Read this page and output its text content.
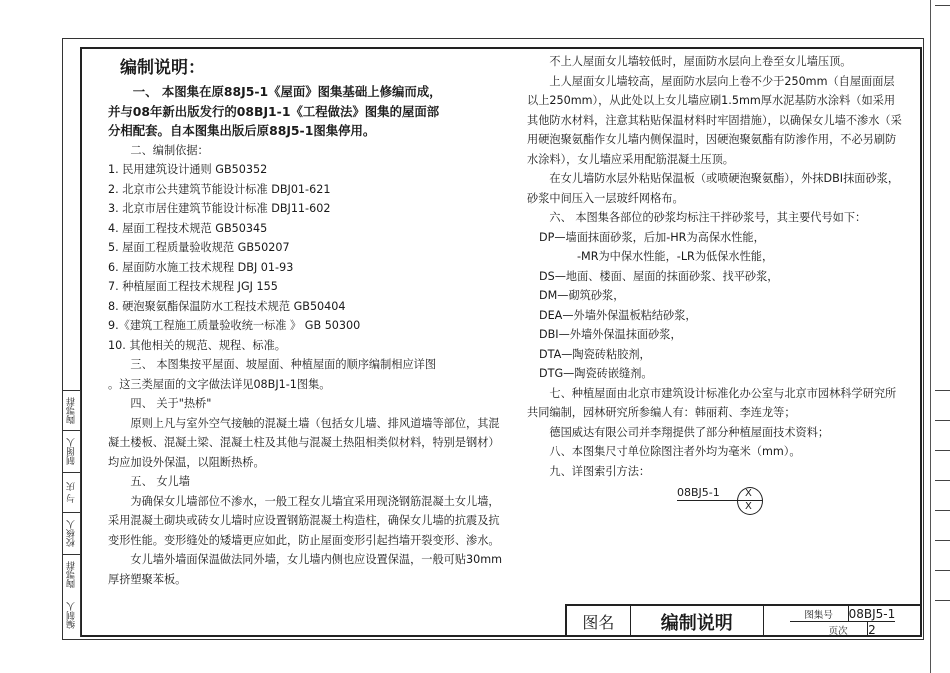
陶鄂群
制图人
与 庆
校核人
陶鄂群
编制人
编制说明：

一、 本图集在原88J5-1《屋面》图集基础上修编而成，

并与08年新出版发行的08BJ1-1《工程做法》图集的屋面部

分相配套。自本图集出版后原88J5-1图集停用。

二、编制依据：

1. 民用建筑设计通则 GB50352

2. 北京市公共建筑节能设计标准 DBJ01-621

3. 北京市居住建筑节能设计标准 DBJ11-602

4. 屋面工程技术规范 GB50345

5. 屋面工程质量验收规范 GB50207

6. 屋面防水施工技术规程 DBJ 01-93

7. 种植屋面工程技术规程 JGJ 155

8. 硬泡聚氨酯保温防水工程技术规范 GB50404

9.《建筑工程施工质量验收统一标准 》 GB 50300

10. 其他相关的规范、规程、标准。

三、 本图集按平屋面、坡屋面、种植屋面的顺序编制相应详图

。这三类屋面的文字做法详见08BJ1-1图集。

四、 关于"热桥"

原则上凡与室外空气接触的混凝土墙（包括女儿墙、排风道墙等部位，其混凝土楼板、混凝土梁、混凝土柱及其他与混凝土热阻相类似材料，特别是钢材）均应加设外保温，以阻断热桥。

五、 女儿墙

为确保女儿墙部位不渗水，一般工程女儿墙宜采用现浇钢筋混凝土女儿墙，采用混凝土砌块或砖女儿墙时应设置钢筋混凝土构造柱，确保女儿墙的抗震及抗变形性能。变形缝处的矮墙更应如此，防止屋面变形引起挡墙开裂变形、渗水。

女儿墙外墙面保温做法同外墙，女儿墙内侧也应设置保温，一般可贴30mm厚挤塑聚苯板。

不上人屋面女儿墙较低时，屋面防水层向上卷至女儿墙压顶。

上人屋面女儿墙较高，屋面防水层向上卷不少于250mm（自屋面面层以上250mm），从此处以上女儿墙应刷1.5mm厚水泥基防水涂料（如采用其他防水材料，注意其粘贴保温材料时牢固措施），以确保女儿墙不渗水（采用硬泡聚氨酯作女儿墙内侧保温时，因硬泡聚氨酯有防渗作用，不必另刷防水涂料），女儿墙应采用配筋混凝土压顶。

在女儿墙防水层外粘贴保温板（或喷硬泡聚氨酯），外抹DBI抹面砂浆，砂浆中间压入一层玻纤网格布。

六、 本图集各部位的砂浆均标注干拌砂浆号，其主要代号如下：

DP—墙面抹面砂浆，后加-HR为高保水性能，

-MR为中保水性能，-LR为低保水性能，

DS—地面、楼面、屋面的抹面砂浆、找平砂浆，

DM—砌筑砂浆，

DEA—外墙外保温板粘结砂浆，

DBI—外墙外保温抹面砂浆，

DTA—陶瓷砖粘胶剂，

DTG—陶瓷砖嵌缝剂。

七、种植屋面由北京市建筑设计标准化办公室与北京市园林科学研究所共同编制，园林研究所参编人有：韩丽莉、李连龙等；

德国威达有限公司并李翔提供了部分种植屋面技术资料；

八、本图集尺寸单位除图注者外均为毫米（mm）。

九、详图索引方法：

08BJ5-1	X
X
图名	编制说明	图集号	08BJ5-1
页次	2
